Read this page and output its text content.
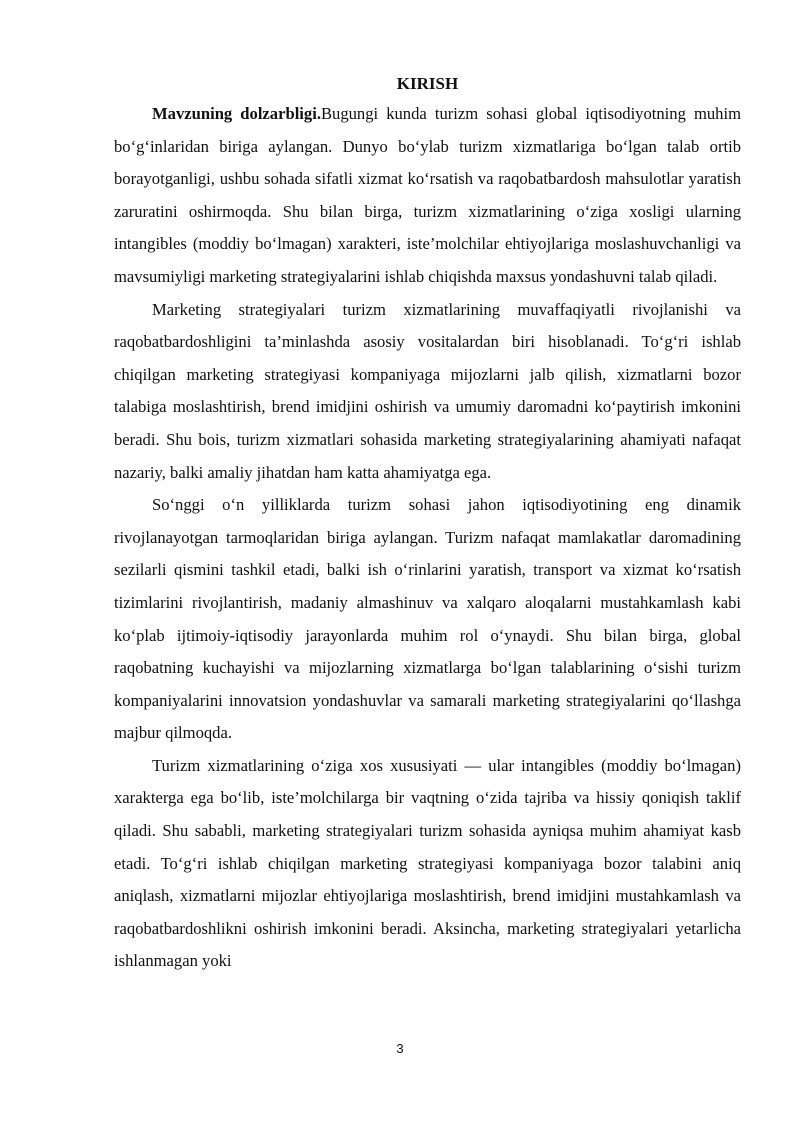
KIRISH

Mavzuning dolzarbligi.Bugungi kunda turizm sohasi global iqtisodiyotning muhim bo‘g‘inlaridan biriga aylangan. Dunyo bo‘ylab turizm xizmatlariga bo‘lgan talab ortib borayotganligi, ushbu sohada sifatli xizmat ko‘rsatish va raqobatbardosh mahsulotlar yaratish zaruratini oshirmoqda. Shu bilan birga, turizm xizmatlarining o‘ziga xosligi ularning intangibles (moddiy bo‘lmagan) xarakteri, iste’molchilar ehtiyojlariga moslashuvchanligi va mavsumiyligi marketing strategiyalarini ishlab chiqishda maxsus yondashuvni talab qiladi.

Marketing strategiyalari turizm xizmatlarining muvaffaqiyatli rivojlanishi va raqobatbardoshligini ta’minlashda asosiy vositalardan biri hisoblanadi. To‘g‘ri ishlab chiqilgan marketing strategiyasi kompaniyaga mijozlarni jalb qilish, xizmatlarni bozor talabiga moslashtirish, brend imidjini oshirish va umumiy daromadni ko‘paytirish imkonini beradi. Shu bois, turizm xizmatlari sohasida marketing strategiyalarining ahamiyati nafaqat nazariy, balki amaliy jihatdan ham katta ahamiyatga ega.

So‘nggi o‘n yilliklarda turizm sohasi jahon iqtisodiyotining eng dinamik rivojlanayotgan tarmoqlaridan biriga aylangan. Turizm nafaqat mamlakatlar daromadining sezilarli qismini tashkil etadi, balki ish o‘rinlarini yaratish, transport va xizmat ko‘rsatish tizimlarini rivojlantirish, madaniy almashinuv va xalqaro aloqalarni mustahkamlash kabi ko‘plab ijtimoiy-iqtisodiy jarayonlarda muhim rol o‘ynaydi. Shu bilan birga, global raqobatning kuchayishi va mijozlarning xizmatlarga bo‘lgan talablarining o‘sishi turizm kompaniyalarini innovatsion yondashuvlar va samarali marketing strategiyalarini qo‘llashga majbur qilmoqda.

Turizm xizmatlarining o‘ziga xos xususiyati — ular intangibles (moddiy bo‘lmagan) xarakterga ega bo‘lib, iste’molchilarga bir vaqtning o‘zida tajriba va hissiy qoniqish taklif qiladi. Shu sababli, marketing strategiyalari turizm sohasida ayniqsa muhim ahamiyat kasb etadi. To‘g‘ri ishlab chiqilgan marketing strategiyasi kompaniyaga bozor talabini aniq aniqlash, xizmatlarni mijozlar ehtiyojlariga moslashtirish, brend imidjini mustahkamlash va raqobatbardoshlikni oshirish imkonini beradi. Aksincha, marketing strategiyalari yetarlicha ishlanmagan yoki

3
